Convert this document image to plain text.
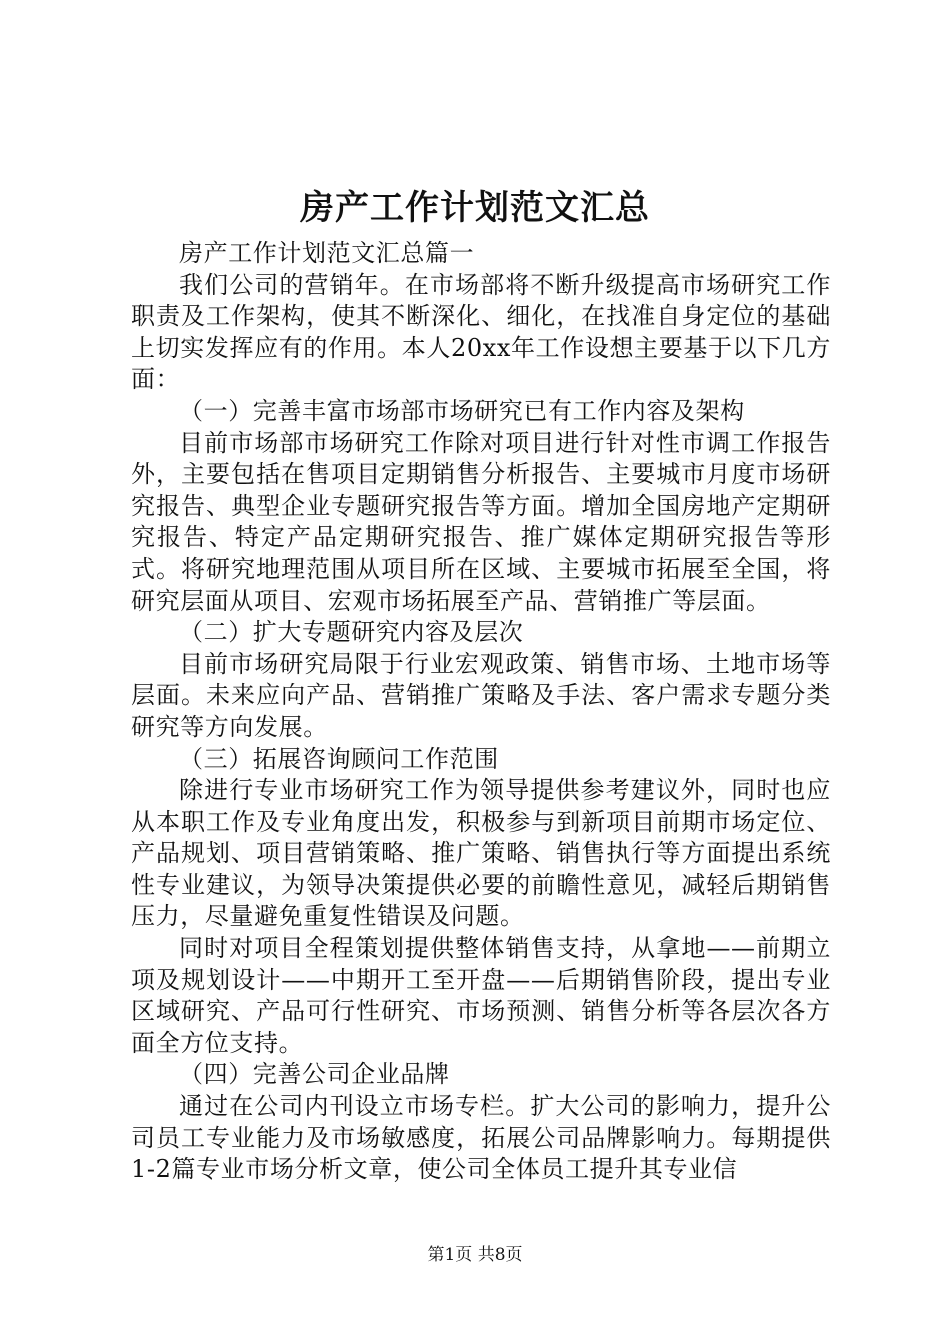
房产工作计划范文汇总

房产工作计划范文汇总篇一

我们公司的营销年。在市场部将不断升级提高市场研究工作职责及工作架构，使其不断深化、细化，在找准自身定位的基础上切实发挥应有的作用。本人20xx年工作设想主要基于以下几方面：

（一）完善丰富市场部市场研究已有工作内容及架构

目前市场部市场研究工作除对项目进行针对性市调工作报告外，主要包括在售项目定期销售分析报告、主要城市月度市场研究报告、典型企业专题研究报告等方面。增加全国房地产定期研究报告、特定产品定期研究报告、推广媒体定期研究报告等形式。将研究地理范围从项目所在区域、主要城市拓展至全国，将研究层面从项目、宏观市场拓展至产品、营销推广等层面。

（二）扩大专题研究内容及层次

目前市场研究局限于行业宏观政策、销售市场、土地市场等层面。未来应向产品、营销推广策略及手法、客户需求专题分类研究等方向发展。

（三）拓展咨询顾问工作范围

除进行专业市场研究工作为领导提供参考建议外，同时也应从本职工作及专业角度出发，积极参与到新项目前期市场定位、产品规划、项目营销策略、推广策略、销售执行等方面提出系统性专业建议，为领导决策提供必要的前瞻性意见，减轻后期销售压力，尽量避免重复性错误及问题。

同时对项目全程策划提供整体销售支持，从拿地——前期立项及规划设计——中期开工至开盘——后期销售阶段，提出专业区域研究、产品可行性研究、市场预测、销售分析等各层次各方面全方位支持。

（四）完善公司企业品牌

通过在公司内刊设立市场专栏。扩大公司的影响力，提升公司员工专业能力及市场敏感度，拓展公司品牌影响力。每期提供1-2篇专业市场分析文章，使公司全体员工提升其专业信

第1页 共8页
